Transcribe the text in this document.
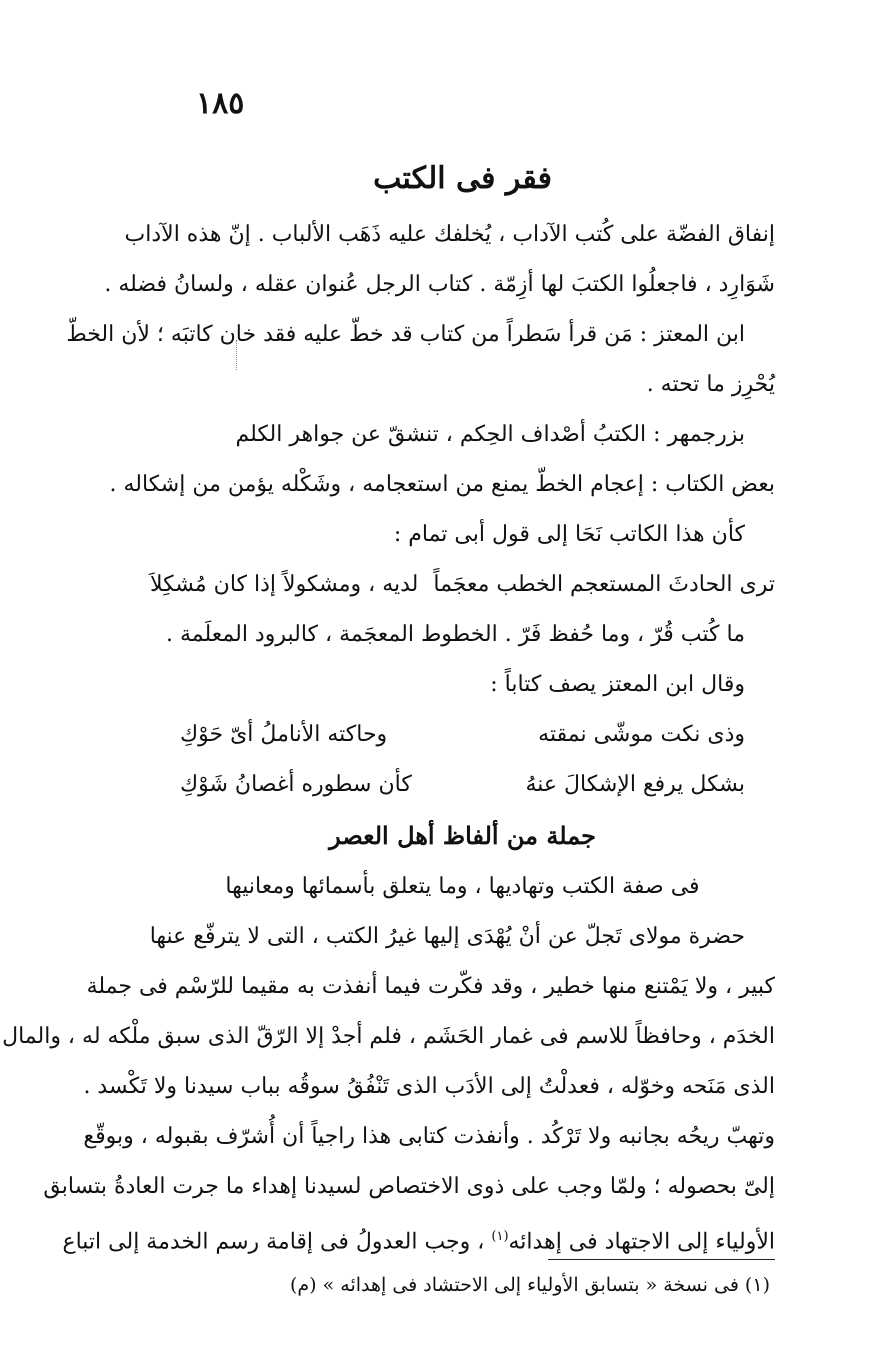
١٨٥
فقر فى الكتب
إنفاق الفضّة على كُتب الآداب ، يُخلفك عليه ذَهَب الألباب . إنّ هذه الآداب
شَوَارِد ، فاجعلُوا الكتبَ لها أزِمّة . كتاب الرجل عُنوان عقله ، ولسانُ فضله .
ابن المعتز : مَن قرأ سَطراً من كتاب قد خطّ عليه فقد خان كاتبَه ؛ لأن الخطّ
يُحْرِز ما تحته .
بزرجمهر : الكتبُ أصْداف الحِكم ، تنشقّ عن جواهر الكلم
بعض الكتاب : إعجام الخطّ يمنع من استعجامه ، وشَكْله يؤمن من إشكاله .
كأن هذا الكاتب نَحَا إلى قول أبى تمام :
ترى الحادثَ المستعجم الخطب معجَماً
لديه ، ومشكولاً إذا كان مُشكِلاَ
ما كُتب قُرّ ، وما حُفظ فَرّ . الخطوط المعجَمة ، كالبرود المعلَمة .
وقال ابن المعتز يصف كتاباً :
وذى نكت موشّى نمقته
وحاكته الأناملُ أىّ حَوْكِ
بشكل يرفع الإشكالَ عنهُ
كأن سطوره أغصانُ شَوْكِ
جملة من ألفاظ أهل العصر
فى صفة الكتب وتهاديها ، وما يتعلق بأسمائها ومعانيها
حضرة مولاى تَجلّ عن أنْ يُهْدَى إليها غيرُ الكتب ، التى لا يترفّع عنها
كبير ، ولا يَمْتنع منها خطير ، وقد فكّرت فيما أنفذت به مقيما للرّسْم فى جملة
الخدَم ، وحافظاً للاسم فى غمار الحَشَم ، فلم أجدْ إلا الرّقّ الذى سبق ملْكه له ، والمال
الذى مَنَحه وخوّله ، فعدلْتُ إلى الأدَب الذى تَنْفُقُ سوقُه بباب سيدنا ولا تَكْسد .
وتهبّ ريحُه بجانبه ولا تَرْكُد . وأنفذت كتابى هذا راجياً أن أُشرّف بقبوله ، وبوقّع
إلىّ بحصوله ؛ ولمّا وجب على ذوى الاختصاص لسيدنا إهداء ما جرت العادةُ بتسابق
الأولياء إلى الاجتهاد فى إهدائه$^{(١)}$ ، وجب العدولُ فى إقامة رسم الخدمة إلى اتباع
(١) فى نسخة « بتسابق الأولياء إلى الاحتشاد فى إهدائه » (م)
